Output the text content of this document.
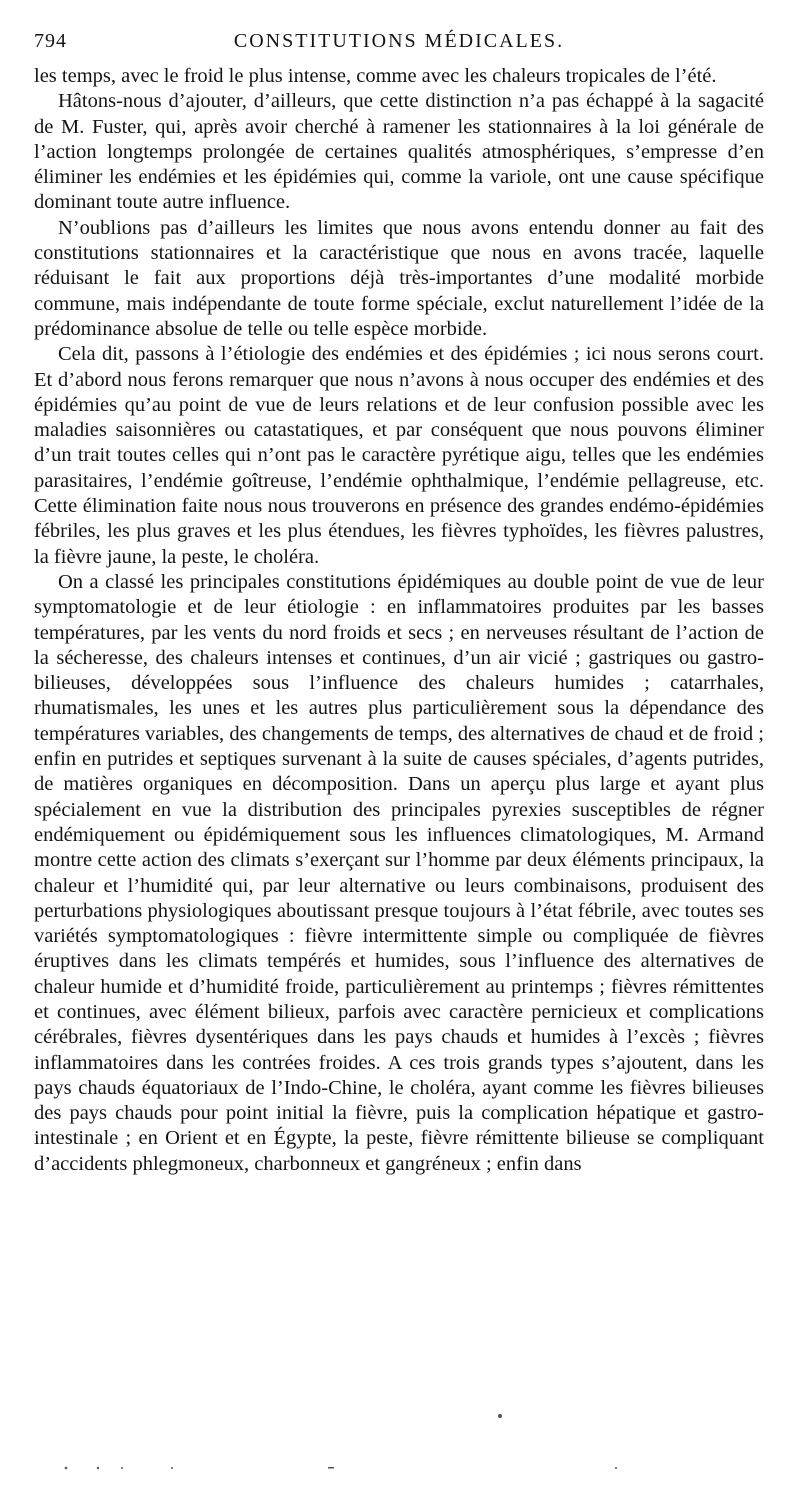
794	CONSTITUTIONS MÉDICALES.

les temps, avec le froid le plus intense, comme avec les chaleurs tropicales de l’été.

Hâtons-nous d’ajouter, d’ailleurs, que cette distinction n’a pas échappé à la sagacité de M. Fuster, qui, après avoir cherché à ramener les stationnaires à la loi générale de l’action longtemps prolongée de certaines qualités atmosphériques, s’empresse d’en éliminer les endémies et les épidémies qui, comme la variole, ont une cause spécifique dominant toute autre influence.

N’oublions pas d’ailleurs les limites que nous avons entendu donner au fait des constitutions stationnaires et la caractéristique que nous en avons tracée, laquelle réduisant le fait aux proportions déjà très-importantes d’une modalité morbide commune, mais indépendante de toute forme spéciale, exclut naturellement l’idée de la prédominance absolue de telle ou telle espèce morbide.

Cela dit, passons à l’étiologie des endémies et des épidémies ; ici nous serons court. Et d’abord nous ferons remarquer que nous n’avons à nous occuper des endémies et des épidémies qu’au point de vue de leurs relations et de leur confusion possible avec les maladies saisonnières ou catastatiques, et par conséquent que nous pouvons éliminer d’un trait toutes celles qui n’ont pas le caractère pyrétique aigu, telles que les endémies parasitaires, l’endémie goîtreuse, l’endémie ophthalmique, l’endémie pellagreuse, etc. Cette élimination faite nous nous trouverons en présence des grandes endémo-épidémies fébriles, les plus graves et les plus étendues, les fièvres typhoïdes, les fièvres palustres, la fièvre jaune, la peste, le choléra.

On a classé les principales constitutions épidémiques au double point de vue de leur symptomatologie et de leur étiologie : en inflammatoires produites par les basses températures, par les vents du nord froids et secs ; en nerveuses résultant de l’action de la sécheresse, des chaleurs intenses et continues, d’un air vicié ; gastriques ou gastro-bilieuses, développées sous l’influence des chaleurs humides ; catarrhales, rhumatismales, les unes et les autres plus particulièrement sous la dépendance des températures variables, des changements de temps, des alternatives de chaud et de froid ; enfin en putrides et septiques survenant à la suite de causes spéciales, d’agents putrides, de matières organiques en décomposition. Dans un aperçu plus large et ayant plus spécialement en vue la distribution des principales pyrexies susceptibles de régner endémiquement ou épidémiquement sous les influences climatologiques, M. Armand montre cette action des climats s’exerçant sur l’homme par deux éléments principaux, la chaleur et l’humidité qui, par leur alternative ou leurs combinaisons, produisent des perturbations physiologiques aboutissant presque toujours à l’état fébrile, avec toutes ses variétés symptomatologiques : fièvre intermittente simple ou compliquée de fièvres éruptives dans les climats tempérés et humides, sous l’influence des alternatives de chaleur humide et d’humidité froide, particulièrement au printemps ; fièvres rémittentes et continues, avec élément bilieux, parfois avec caractère pernicieux et complications cérébrales, fièvres dysentériques dans les pays chauds et humides à l’excès ; fièvres inflammatoires dans les contrées froides. A ces trois grands types s’ajoutent, dans les pays chauds équatoriaux de l’Indo-Chine, le choléra, ayant comme les fièvres bilieuses des pays chauds pour point initial la fièvre, puis la complication hépatique et gastro-intestinale ; en Orient et en Égypte, la peste, fièvre rémittente bilieuse se compliquant d’accidents phlegmoneux, charbonneux et gangréneux ; enfin dans
